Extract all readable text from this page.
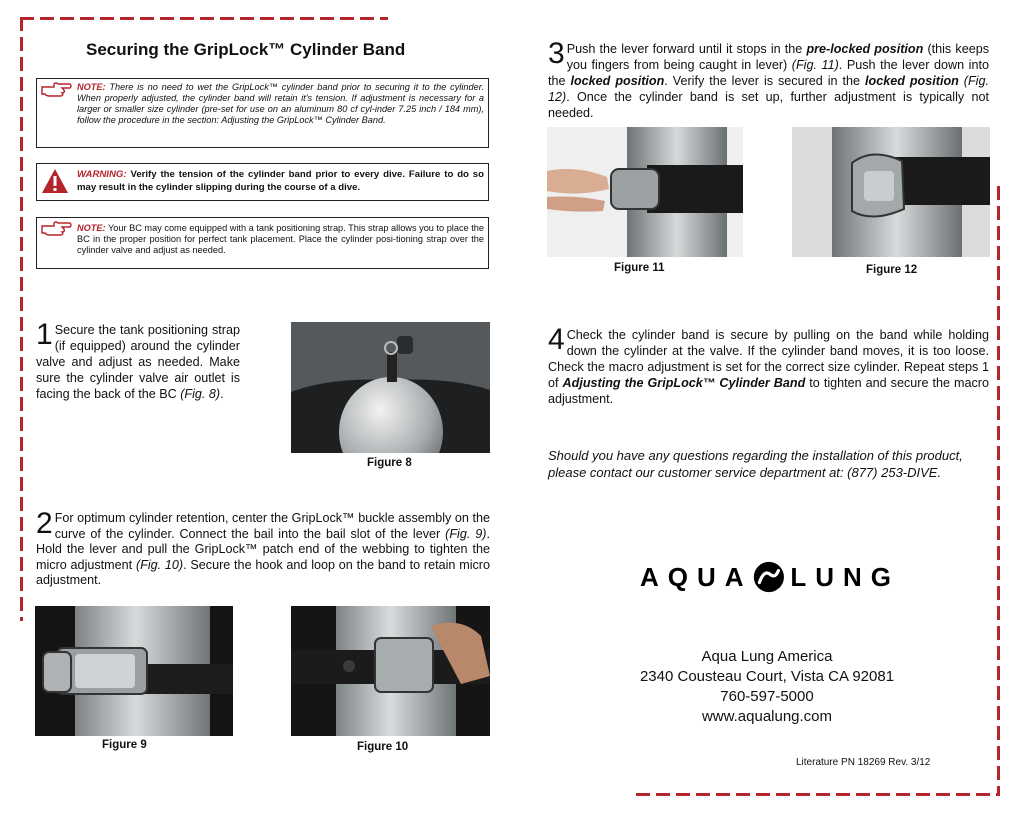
Securing the GripLock™ Cylinder Band
NOTE: There is no need to wet the GripLock™ cylinder band prior to securing it to the cylinder. When properly adjusted, the cylinder band will retain it's tension. If adjustment is necessary for a larger or smaller size cylinder (pre-set for use on an aluminum 80 cf cyl-inder 7.25 inch / 184 mm), follow the procedure in the section: Adjusting the GripLock™ Cylinder Band.
WARNING: Verify the tension of the cylinder band prior to every dive. Failure to do so may result in the cylinder slipping during the course of a dive.
NOTE: Your BC may come equipped with a tank positioning strap. This strap allows you to place the BC in the proper position for perfect tank placement. Place the cylinder posi-tioning strap over the cylinder valve and adjust as needed.
1 Secure the tank positioning strap (if equipped) around the cylinder valve and adjust as needed. Make sure the cylinder valve air outlet is facing the back of the BC (Fig. 8).
Figure 8
2 For optimum cylinder retention, center the GripLock™ buckle assembly on the curve of the cylinder. Connect the bail into the bail slot of the lever (Fig. 9). Hold the lever and pull the GripLock™ patch end of the webbing to tighten the micro adjustment (Fig. 10). Secure the hook and loop on the band to retain micro adjustment.
Figure 9	Figure 10
3 Push the lever forward until it stops in the pre-locked position (this keeps you fingers from being caught in lever) (Fig. 11). Push the lever down into the locked position. Verify the lever is secured in the locked position (Fig. 12). Once the cylinder band is set up, further adjustment is typically not needed.
Figure 11	Figure 12
4 Check the cylinder band is secure by pulling on the band while holding down the cylinder at the valve. If the cylinder band moves, it is too loose. Check the macro adjustment is set for the correct size cylinder. Repeat steps 1 of Adjusting the GripLock™ Cylinder Band to tighten and secure the macro adjustment.
Should you have any questions regarding the installation of this product, please contact our customer service department at: (877) 253-DIVE.
AQUA LUNG
Aqua Lung America
2340 Cousteau Court, Vista CA 92081
760-597-5000
www.aqualung.com
Literature PN 18269 Rev. 3/12
